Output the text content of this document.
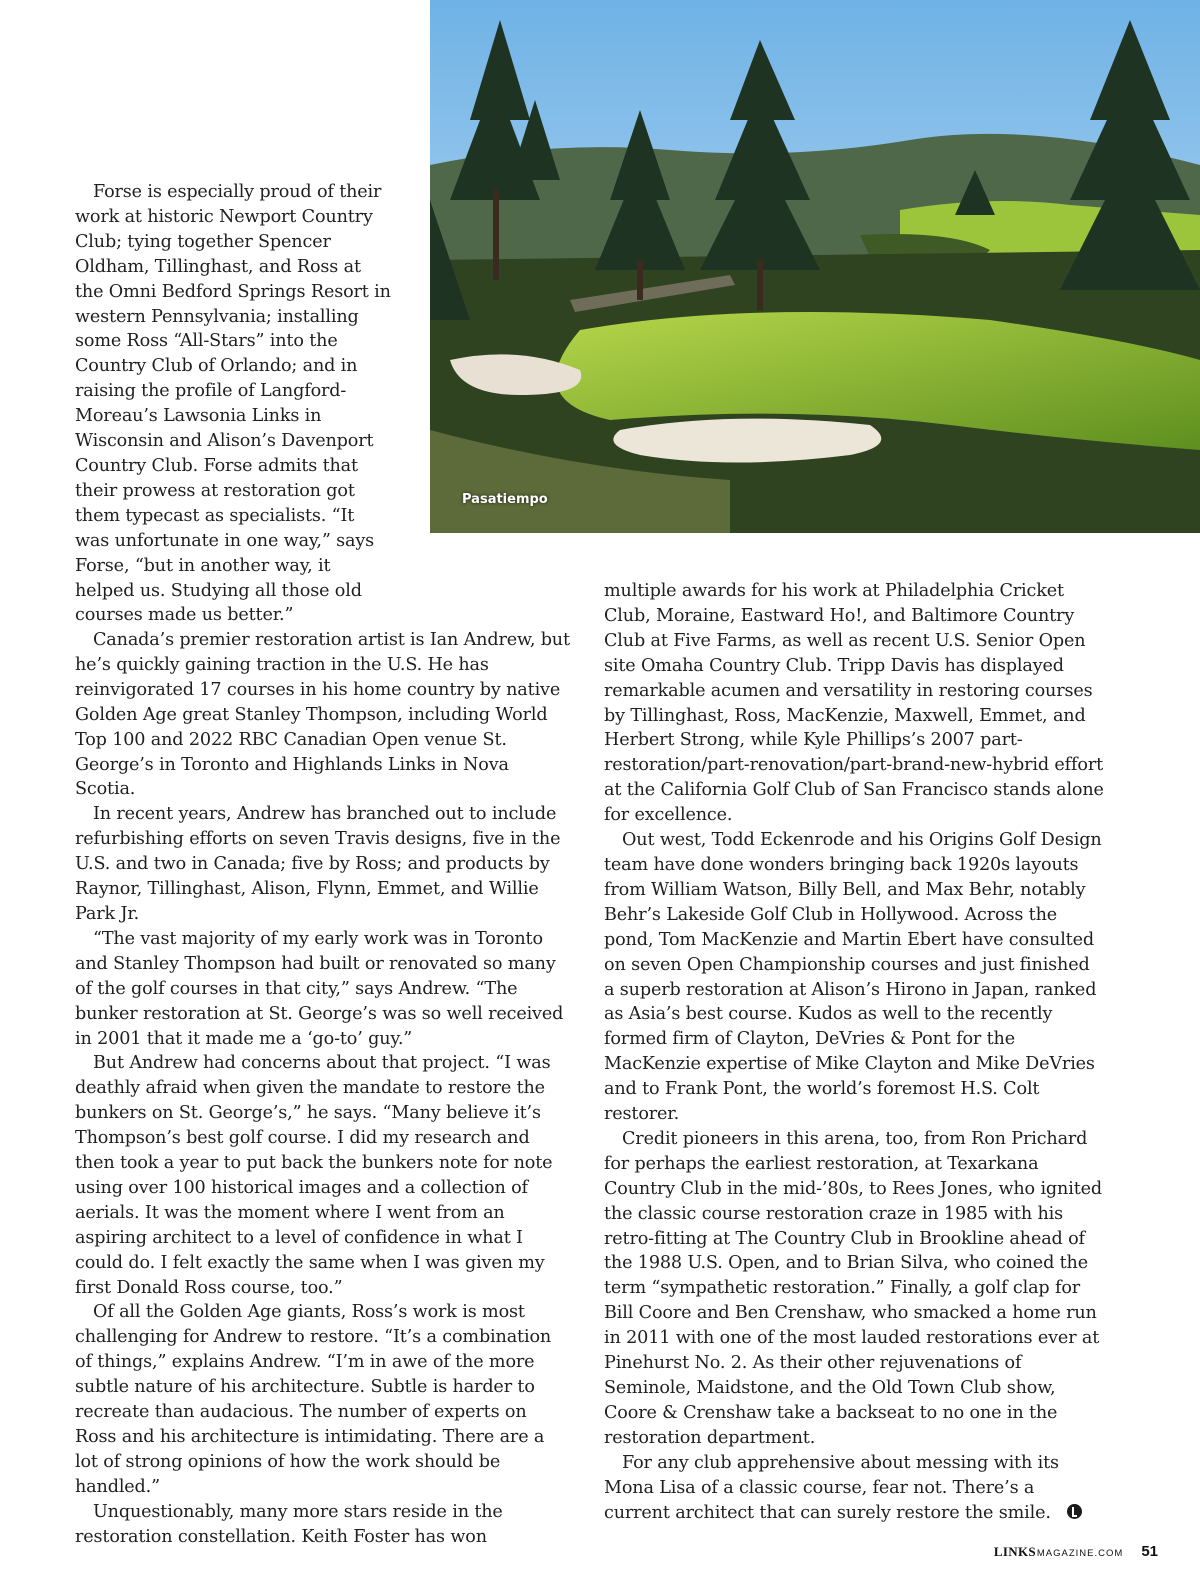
Pasatiempo

Forse is especially proud of their work at historic Newport Country Club; tying together Spencer Oldham, Tillinghast, and Ross at the Omni Bedford Springs Resort in western Pennsylvania; installing some Ross “All-Stars” into the Country Club of Orlando; and in raising the profile of Langford-Moreau’s Lawsonia Links in Wisconsin and Alison’s Davenport Country Club. Forse admits that their prowess at restoration got them typecast as specialists. “It was unfortunate in one way,” says Forse, “but in another way, it helped us. Studying all those old courses made us better.”

Canada’s premier restoration artist is Ian Andrew, but he’s quickly gaining traction in the U.S. He has reinvigorated 17 courses in his home country by native Golden Age great Stanley Thompson, including World Top 100 and 2022 RBC Canadian Open venue St. George’s in Toronto and Highlands Links in Nova Scotia.

In recent years, Andrew has branched out to include refurbishing efforts on seven Travis designs, five in the U.S. and two in Canada; five by Ross; and products by Raynor, Tillinghast, Alison, Flynn, Emmet, and Willie Park Jr.

“The vast majority of my early work was in Toronto and Stanley Thompson had built or renovated so many of the golf courses in that city,” says Andrew. “The bunker restoration at St. George’s was so well received in 2001 that it made me a ‘go-to’ guy.”

But Andrew had concerns about that project. “I was deathly afraid when given the mandate to restore the bunkers on St. George’s,” he says. “Many believe it’s Thompson’s best golf course. I did my research and then took a year to put back the bunkers note for note using over 100 historical images and a collection of aerials. It was the moment where I went from an aspiring architect to a level of confidence in what I could do. I felt exactly the same when I was given my first Donald Ross course, too.”

Of all the Golden Age giants, Ross’s work is most challenging for Andrew to restore. “It’s a combination of things,” explains Andrew. “I’m in awe of the more subtle nature of his architecture. Subtle is harder to recreate than audacious. The number of experts on Ross and his architecture is intimidating. There are a lot of strong opinions of how the work should be handled.”

Unquestionably, many more stars reside in the restoration constellation. Keith Foster has won

multiple awards for his work at Philadelphia Cricket Club, Moraine, Eastward Ho!, and Baltimore Country Club at Five Farms, as well as recent U.S. Senior Open site Omaha Country Club. Tripp Davis has displayed remarkable acumen and versatility in restoring courses by Tillinghast, Ross, MacKenzie, Maxwell, Emmet, and Herbert Strong, while Kyle Phillips’s 2007 part-restoration/part-renovation/part-brand-new-hybrid effort at the California Golf Club of San Francisco stands alone for excellence.

Out west, Todd Eckenrode and his Origins Golf Design team have done wonders bringing back 1920s layouts from William Watson, Billy Bell, and Max Behr, notably Behr’s Lakeside Golf Club in Hollywood. Across the pond, Tom MacKenzie and Martin Ebert have consulted on seven Open Championship courses and just finished a superb restoration at Alison’s Hirono in Japan, ranked as Asia’s best course. Kudos as well to the recently formed firm of Clayton, DeVries & Pont for the MacKenzie expertise of Mike Clayton and Mike DeVries and to Frank Pont, the world’s foremost H.S. Colt restorer.

Credit pioneers in this arena, too, from Ron Prichard for perhaps the earliest restoration, at Texarkana Country Club in the mid-’80s, to Rees Jones, who ignited the classic course restoration craze in 1985 with his retro-fitting at The Country Club in Brookline ahead of the 1988 U.S. Open, and to Brian Silva, who coined the term “sympathetic restoration.” Finally, a golf clap for Bill Coore and Ben Crenshaw, who smacked a home run in 2011 with one of the most lauded restorations ever at Pinehurst No. 2. As their other rejuvenations of Seminole, Maidstone, and the Old Town Club show, Coore & Crenshaw take a backseat to no one in the restoration department.

For any club apprehensive about messing with its Mona Lisa of a classic course, fear not. There’s a current architect that can surely restore the smile.

LINKS MAGAZINE.COM 51
